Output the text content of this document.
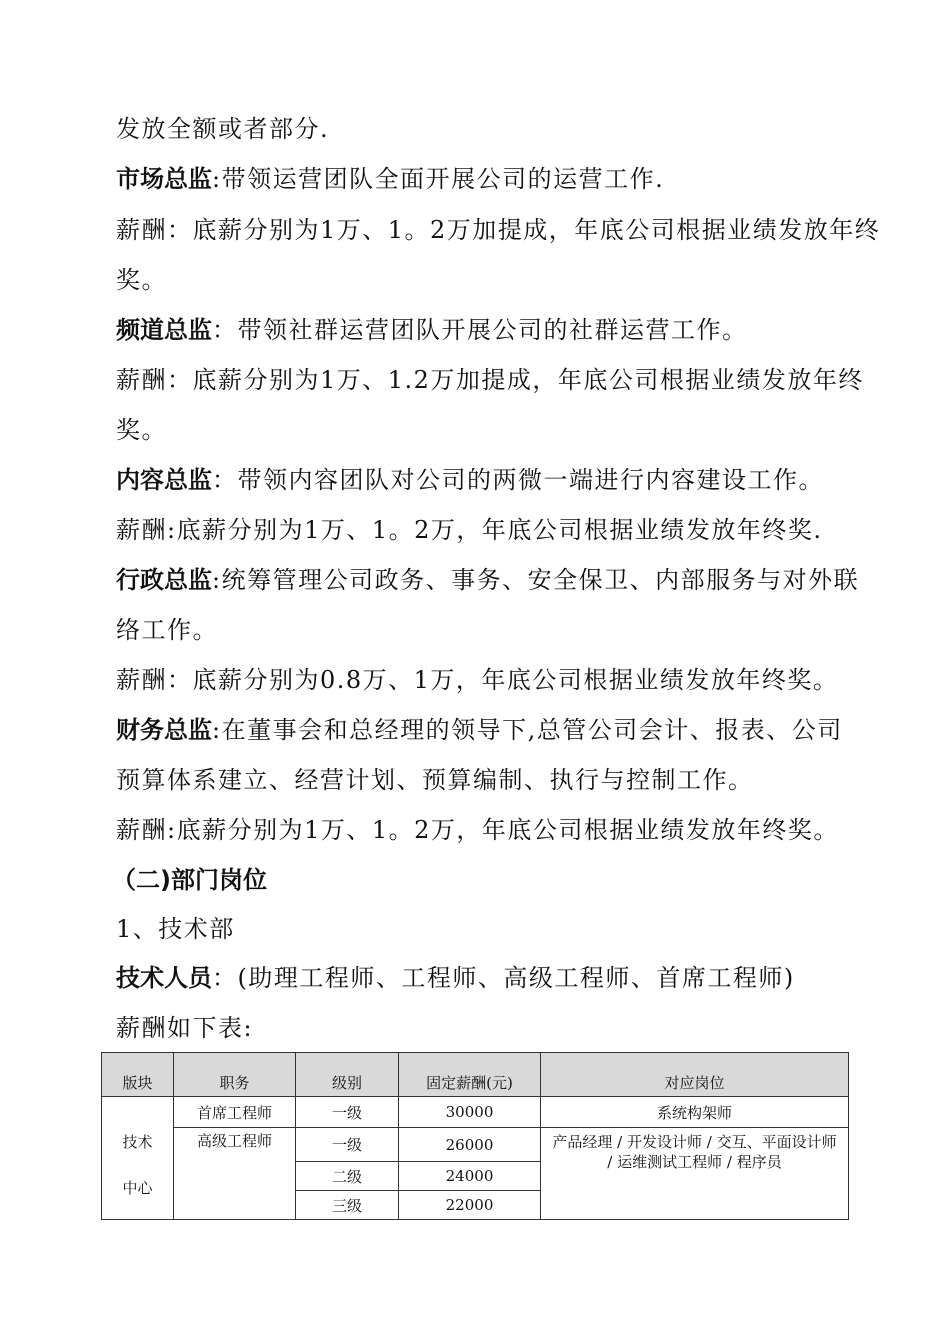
发放全额或者部分.
市场总监:带领运营团队全面开展公司的运营工作.
薪酬：底薪分别为1万、1。2万加提成，年底公司根据业绩发放年终
奖。
频道总监：带领社群运营团队开展公司的社群运营工作。
薪酬：底薪分别为1万、1.2万加提成，年底公司根据业绩发放年终
奖。
内容总监：带领内容团队对公司的两微一端进行内容建设工作。
薪酬:底薪分别为1万、1。2万，年底公司根据业绩发放年终奖.
行政总监:统筹管理公司政务、事务、安全保卫、内部服务与对外联
络工作。
薪酬：底薪分别为0.8万、1万，年底公司根据业绩发放年终奖。
财务总监:在董事会和总经理的领导下,总管公司会计、报表、公司
预算体系建立、经营计划、预算编制、执行与控制工作。
薪酬:底薪分别为1万、1。2万，年底公司根据业绩发放年终奖。
（二)部门岗位
1、技术部
技术人员：(助理工程师、工程师、高级工程师、首席工程师)
薪酬如下表:
版块	职务	级别	固定薪酬(元)	对应岗位

技术
中心	首席工程师	一级	30000	系统构架师
	高级工程师	一级	26000	产品经理 / 开发设计师 / 交互、平面设计师 / 运维测试工程师 / 程序员
		二级	24000	
		三级	22000	
